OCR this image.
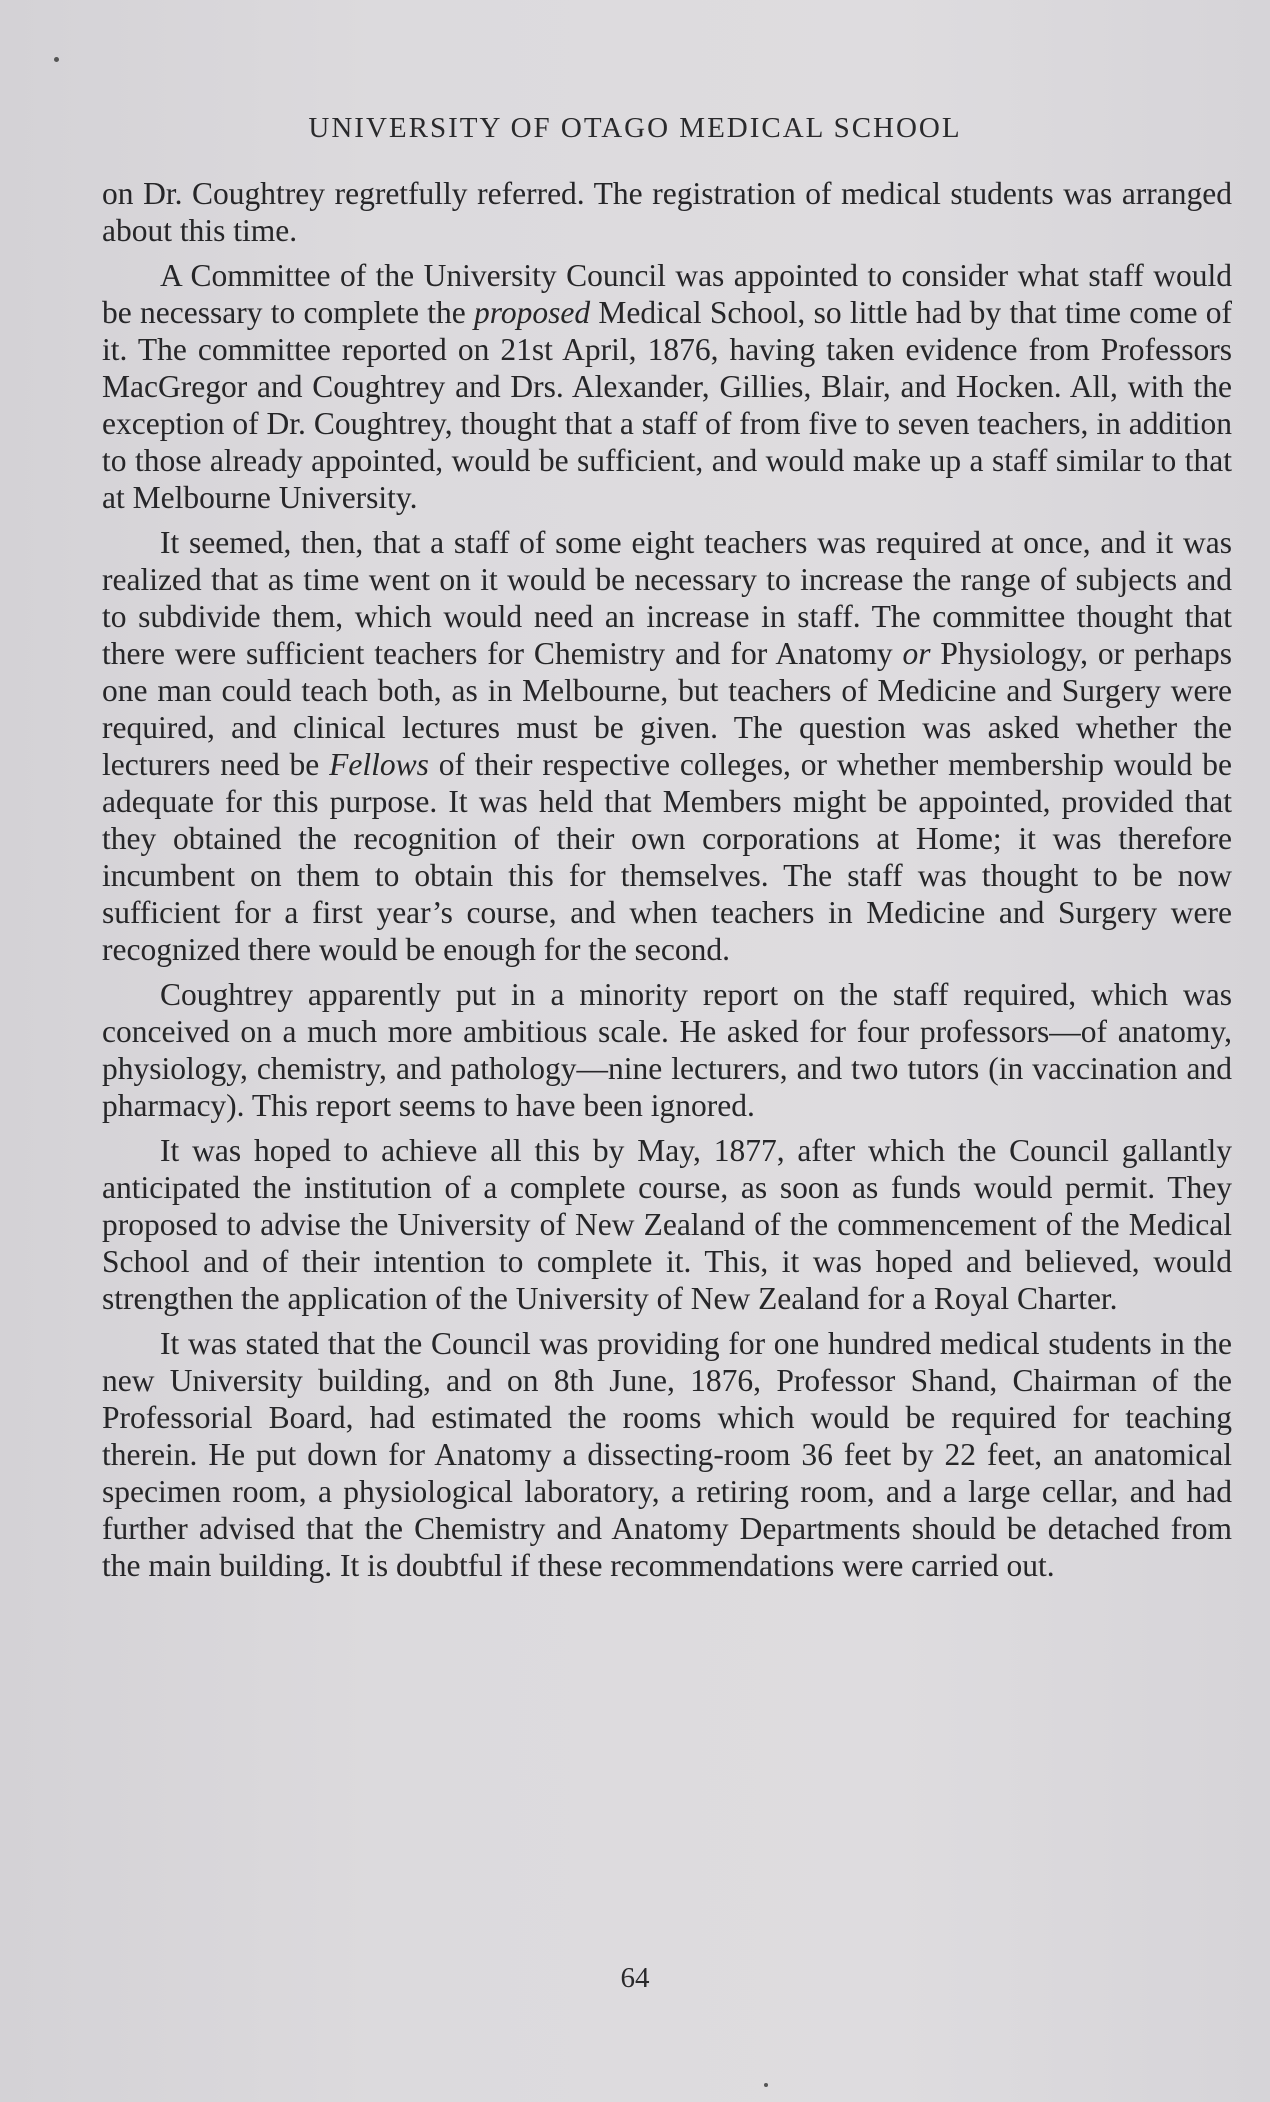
UNIVERSITY OF OTAGO MEDICAL SCHOOL

on Dr. Coughtrey regretfully referred. The registration of medical students was arranged about this time.

A Committee of the University Council was appointed to consider what staff would be necessary to complete the proposed Medical School, so little had by that time come of it. The committee reported on 21st April, 1876, having taken evidence from Professors MacGregor and Coughtrey and Drs. Alexander, Gillies, Blair, and Hocken. All, with the exception of Dr. Coughtrey, thought that a staff of from five to seven teachers, in addition to those already appointed, would be sufficient, and would make up a staff similar to that at Melbourne University.

It seemed, then, that a staff of some eight teachers was required at once, and it was realized that as time went on it would be necessary to increase the range of subjects and to subdivide them, which would need an increase in staff. The committee thought that there were sufficient teachers for Chemistry and for Anatomy or Physiology, or perhaps one man could teach both, as in Melbourne, but teachers of Medicine and Surgery were required, and clinical lectures must be given. The question was asked whether the lecturers need be Fellows of their respective colleges, or whether membership would be adequate for this purpose. It was held that Members might be appointed, provided that they obtained the recognition of their own corporations at Home; it was therefore incumbent on them to obtain this for themselves. The staff was thought to be now sufficient for a first year’s course, and when teachers in Medicine and Surgery were recognized there would be enough for the second.

Coughtrey apparently put in a minority report on the staff required, which was conceived on a much more ambitious scale. He asked for four professors—of anatomy, physiology, chemistry, and pathology—nine lecturers, and two tutors (in vaccination and pharmacy). This report seems to have been ignored.

It was hoped to achieve all this by May, 1877, after which the Council gallantly anticipated the institution of a complete course, as soon as funds would permit. They proposed to advise the University of New Zealand of the commencement of the Medical School and of their intention to complete it. This, it was hoped and believed, would strengthen the application of the University of New Zealand for a Royal Charter.

It was stated that the Council was providing for one hundred medical students in the new University building, and on 8th June, 1876, Professor Shand, Chairman of the Professorial Board, had estimated the rooms which would be required for teaching therein. He put down for Anatomy a dissecting-room 36 feet by 22 feet, an anatomical specimen room, a physiological laboratory, a retiring room, and a large cellar, and had further advised that the Chemistry and Anatomy Departments should be detached from the main building. It is doubtful if these recommendations were carried out.

64
